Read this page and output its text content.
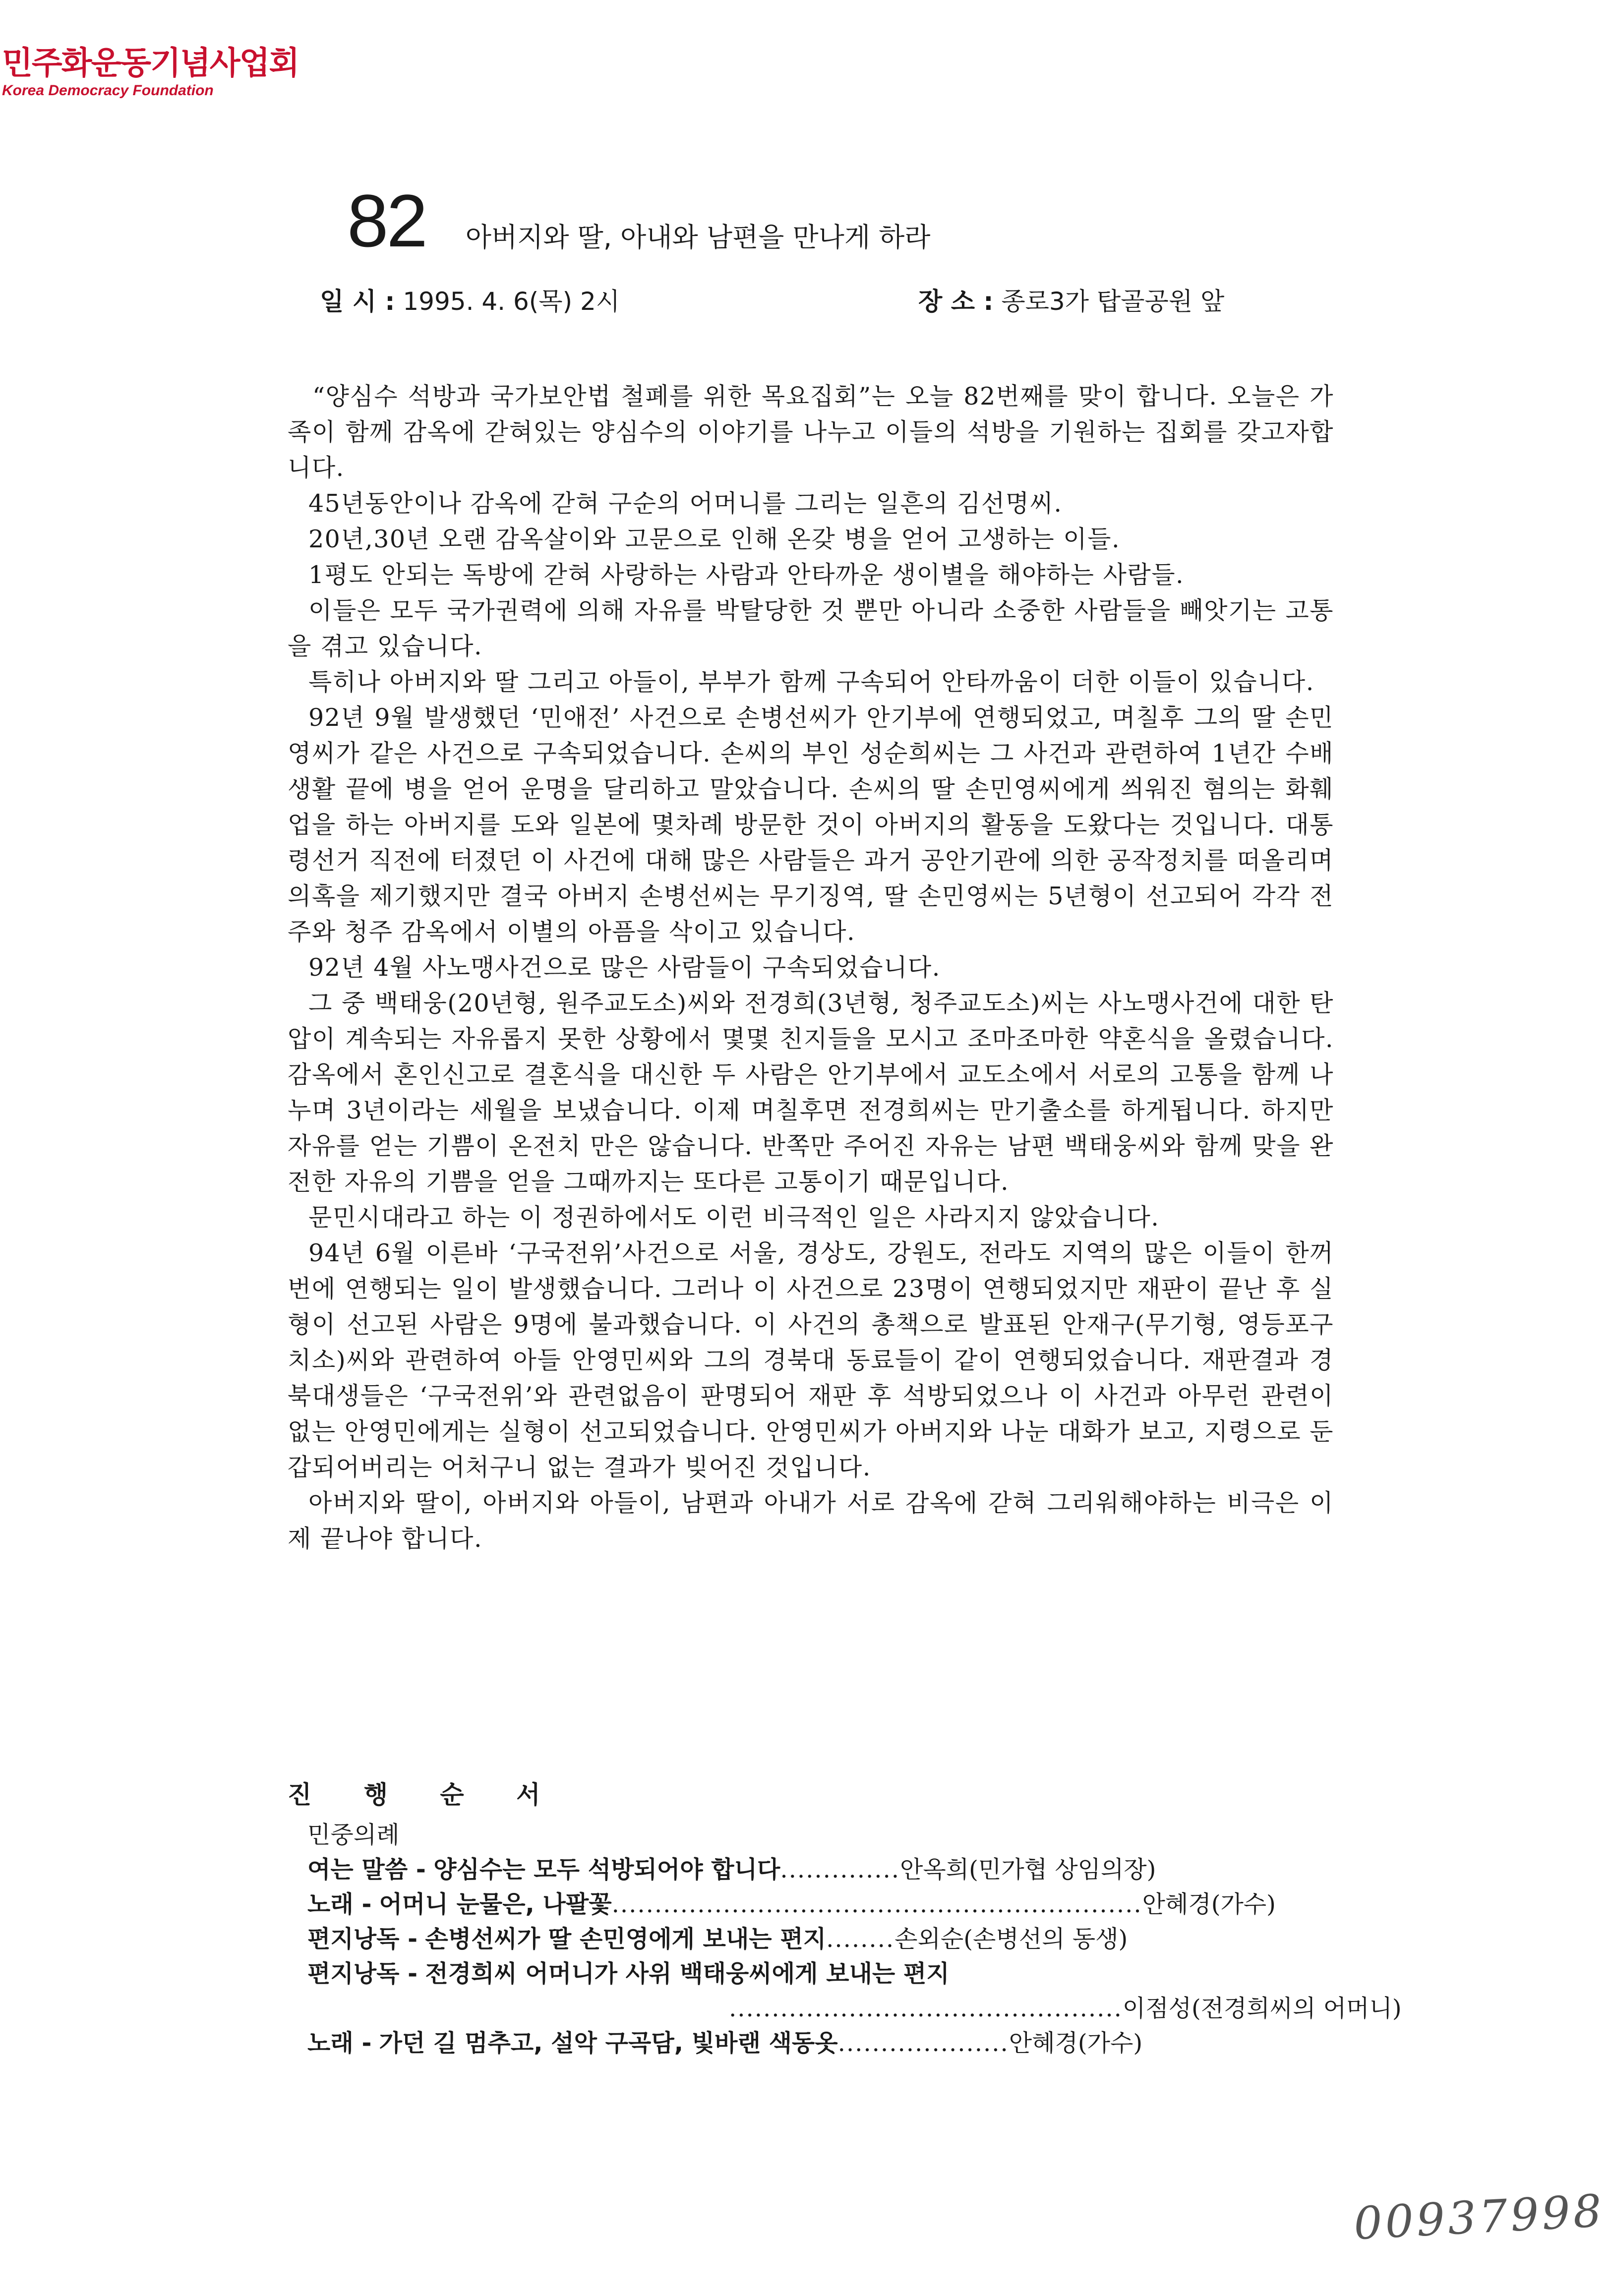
민주화운동기념사업회
Korea Democracy Foundation
82 아버지와 딸, 아내와 남편을 만나게 하라
일 시 : 1995. 4. 6(목) 2시	장 소 : 종로3가 탑골공원 앞

“양심수 석방과 국가보안법 철폐를 위한 목요집회”는 오늘 82번째를 맞이 합니다. 오늘은 가족이 함께 감옥에 갇혀있는 양심수의 이야기를 나누고 이들의 석방을 기원하는 집회를 갖고자합니다.

45년동안이나 감옥에 갇혀 구순의 어머니를 그리는 일흔의 김선명씨.

20년,30년 오랜 감옥살이와 고문으로 인해 온갖 병을 얻어 고생하는 이들.

1평도 안되는 독방에 갇혀 사랑하는 사람과 안타까운 생이별을 해야하는 사람들.

이들은 모두 국가권력에 의해 자유를 박탈당한 것 뿐만 아니라 소중한 사람들을 빼앗기는 고통을 겪고 있습니다.

특히나 아버지와 딸 그리고 아들이, 부부가 함께 구속되어 안타까움이 더한 이들이 있습니다.

92년 9월 발생했던 ‘민애전’ 사건으로 손병선씨가 안기부에 연행되었고, 며칠후 그의 딸 손민영씨가 같은 사건으로 구속되었습니다. 손씨의 부인 성순희씨는 그 사건과 관련하여 1년간 수배생활 끝에 병을 얻어 운명을 달리하고 말았습니다. 손씨의 딸 손민영씨에게 씌워진 혐의는 화훼업을 하는 아버지를 도와 일본에 몇차례 방문한 것이 아버지의 활동을 도왔다는 것입니다. 대통령선거 직전에 터졌던 이 사건에 대해 많은 사람들은 과거 공안기관에 의한 공작정치를 떠올리며 의혹을 제기했지만 결국 아버지 손병선씨는 무기징역, 딸 손민영씨는 5년형이 선고되어 각각 전주와 청주 감옥에서 이별의 아픔을 삭이고 있습니다.

92년 4월 사노맹사건으로 많은 사람들이 구속되었습니다.

그 중 백태웅(20년형, 원주교도소)씨와 전경희(3년형, 청주교도소)씨는 사노맹사건에 대한 탄압이 계속되는 자유롭지 못한 상황에서 몇몇 친지들을 모시고 조마조마한 약혼식을 올렸습니다. 감옥에서 혼인신고로 결혼식을 대신한 두 사람은 안기부에서 교도소에서 서로의 고통을 함께 나누며 3년이라는 세월을 보냈습니다. 이제 며칠후면 전경희씨는 만기출소를 하게됩니다. 하지만 자유를 얻는 기쁨이 온전치 만은 않습니다. 반쪽만 주어진 자유는 남편 백태웅씨와 함께 맞을 완전한 자유의 기쁨을 얻을 그때까지는 또다른 고통이기 때문입니다.

문민시대라고 하는 이 정권하에서도 이런 비극적인 일은 사라지지 않았습니다.

94년 6월 이른바 ‘구국전위’사건으로 서울, 경상도, 강원도, 전라도 지역의 많은 이들이 한꺼번에 연행되는 일이 발생했습니다. 그러나 이 사건으로 23명이 연행되었지만 재판이 끝난 후 실형이 선고된 사람은 9명에 불과했습니다. 이 사건의 총책으로 발표된 안재구(무기형, 영등포구치소)씨와 관련하여 아들 안영민씨와 그의 경북대 동료들이 같이 연행되었습니다. 재판결과 경북대생들은 ‘구국전위’와 관련없음이 판명되어 재판 후 석방되었으나 이 사건과 아무런 관련이 없는 안영민에게는 실형이 선고되었습니다. 안영민씨가 아버지와 나눈 대화가 보고, 지령으로 둔갑되어버리는 어처구니 없는 결과가 빚어진 것입니다.

아버지와 딸이, 아버지와 아들이, 남편과 아내가 서로 감옥에 갇혀 그리워해야하는 비극은 이제 끝나야 합니다.

진 행 순 서
민중의례
여는 말씀 - 양심수는 모두 석방되어야 합니다..............안옥희(민가협 상임의장)
노래 - 어머니 눈물은, 나팔꽃..............................................................안혜경(가수)
편지낭독 - 손병선씨가 딸 손민영에게 보내는 편지........손외순(손병선의 동생)
편지낭독 - 전경희씨 어머니가 사위 백태웅씨에게 보내는 편지
..............................................이점성(전경희씨의 어머니)
노래 - 가던 길 멈추고, 설악 구곡담, 빛바랜 색동옷....................안혜경(가수)
00937998
